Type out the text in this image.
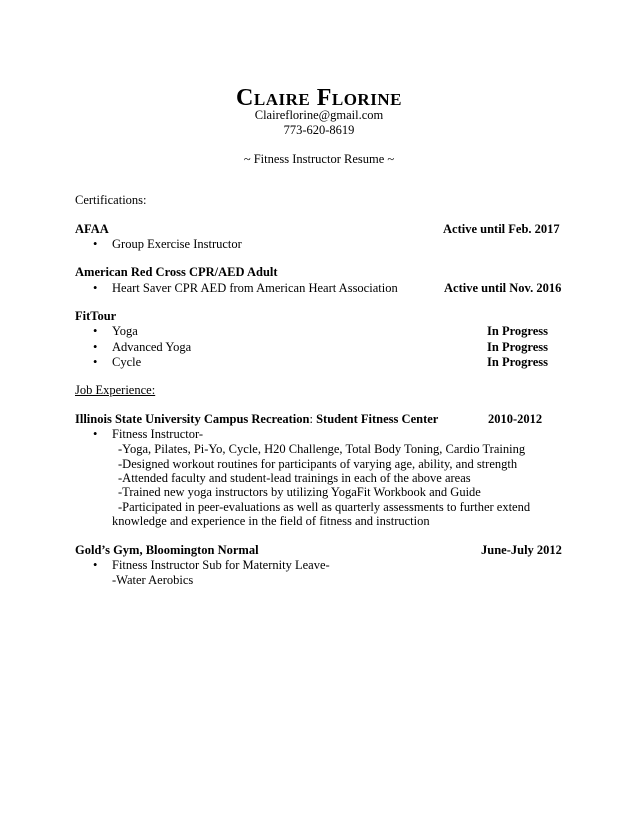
Claire Florine
Claireflorine@gmail.com
773-620-8619
~ Fitness Instructor Resume ~
Certifications:
AFAA	Active until Feb. 2017
• Group Exercise Instructor
American Red Cross CPR/AED Adult
• Heart Saver CPR AED from American Heart Association	Active until Nov. 2016
FitTour
• Yoga	In Progress
• Advanced Yoga	In Progress
• Cycle	In Progress
Job Experience:
Illinois State University Campus Recreation: Student Fitness Center	2010-2012
• Fitness Instructor-
-Yoga, Pilates, Pi-Yo, Cycle, H20 Challenge, Total Body Toning, Cardio Training
-Designed workout routines for participants of varying age, ability, and strength
-Attended faculty and student-lead trainings in each of the above areas
-Trained new yoga instructors by utilizing YogaFit Workbook and Guide
-Participated in peer-evaluations as well as quarterly assessments to further extend
knowledge and experience in the field of fitness and instruction
Gold’s Gym, Bloomington Normal	June-July 2012
• Fitness Instructor Sub for Maternity Leave-
-Water Aerobics
